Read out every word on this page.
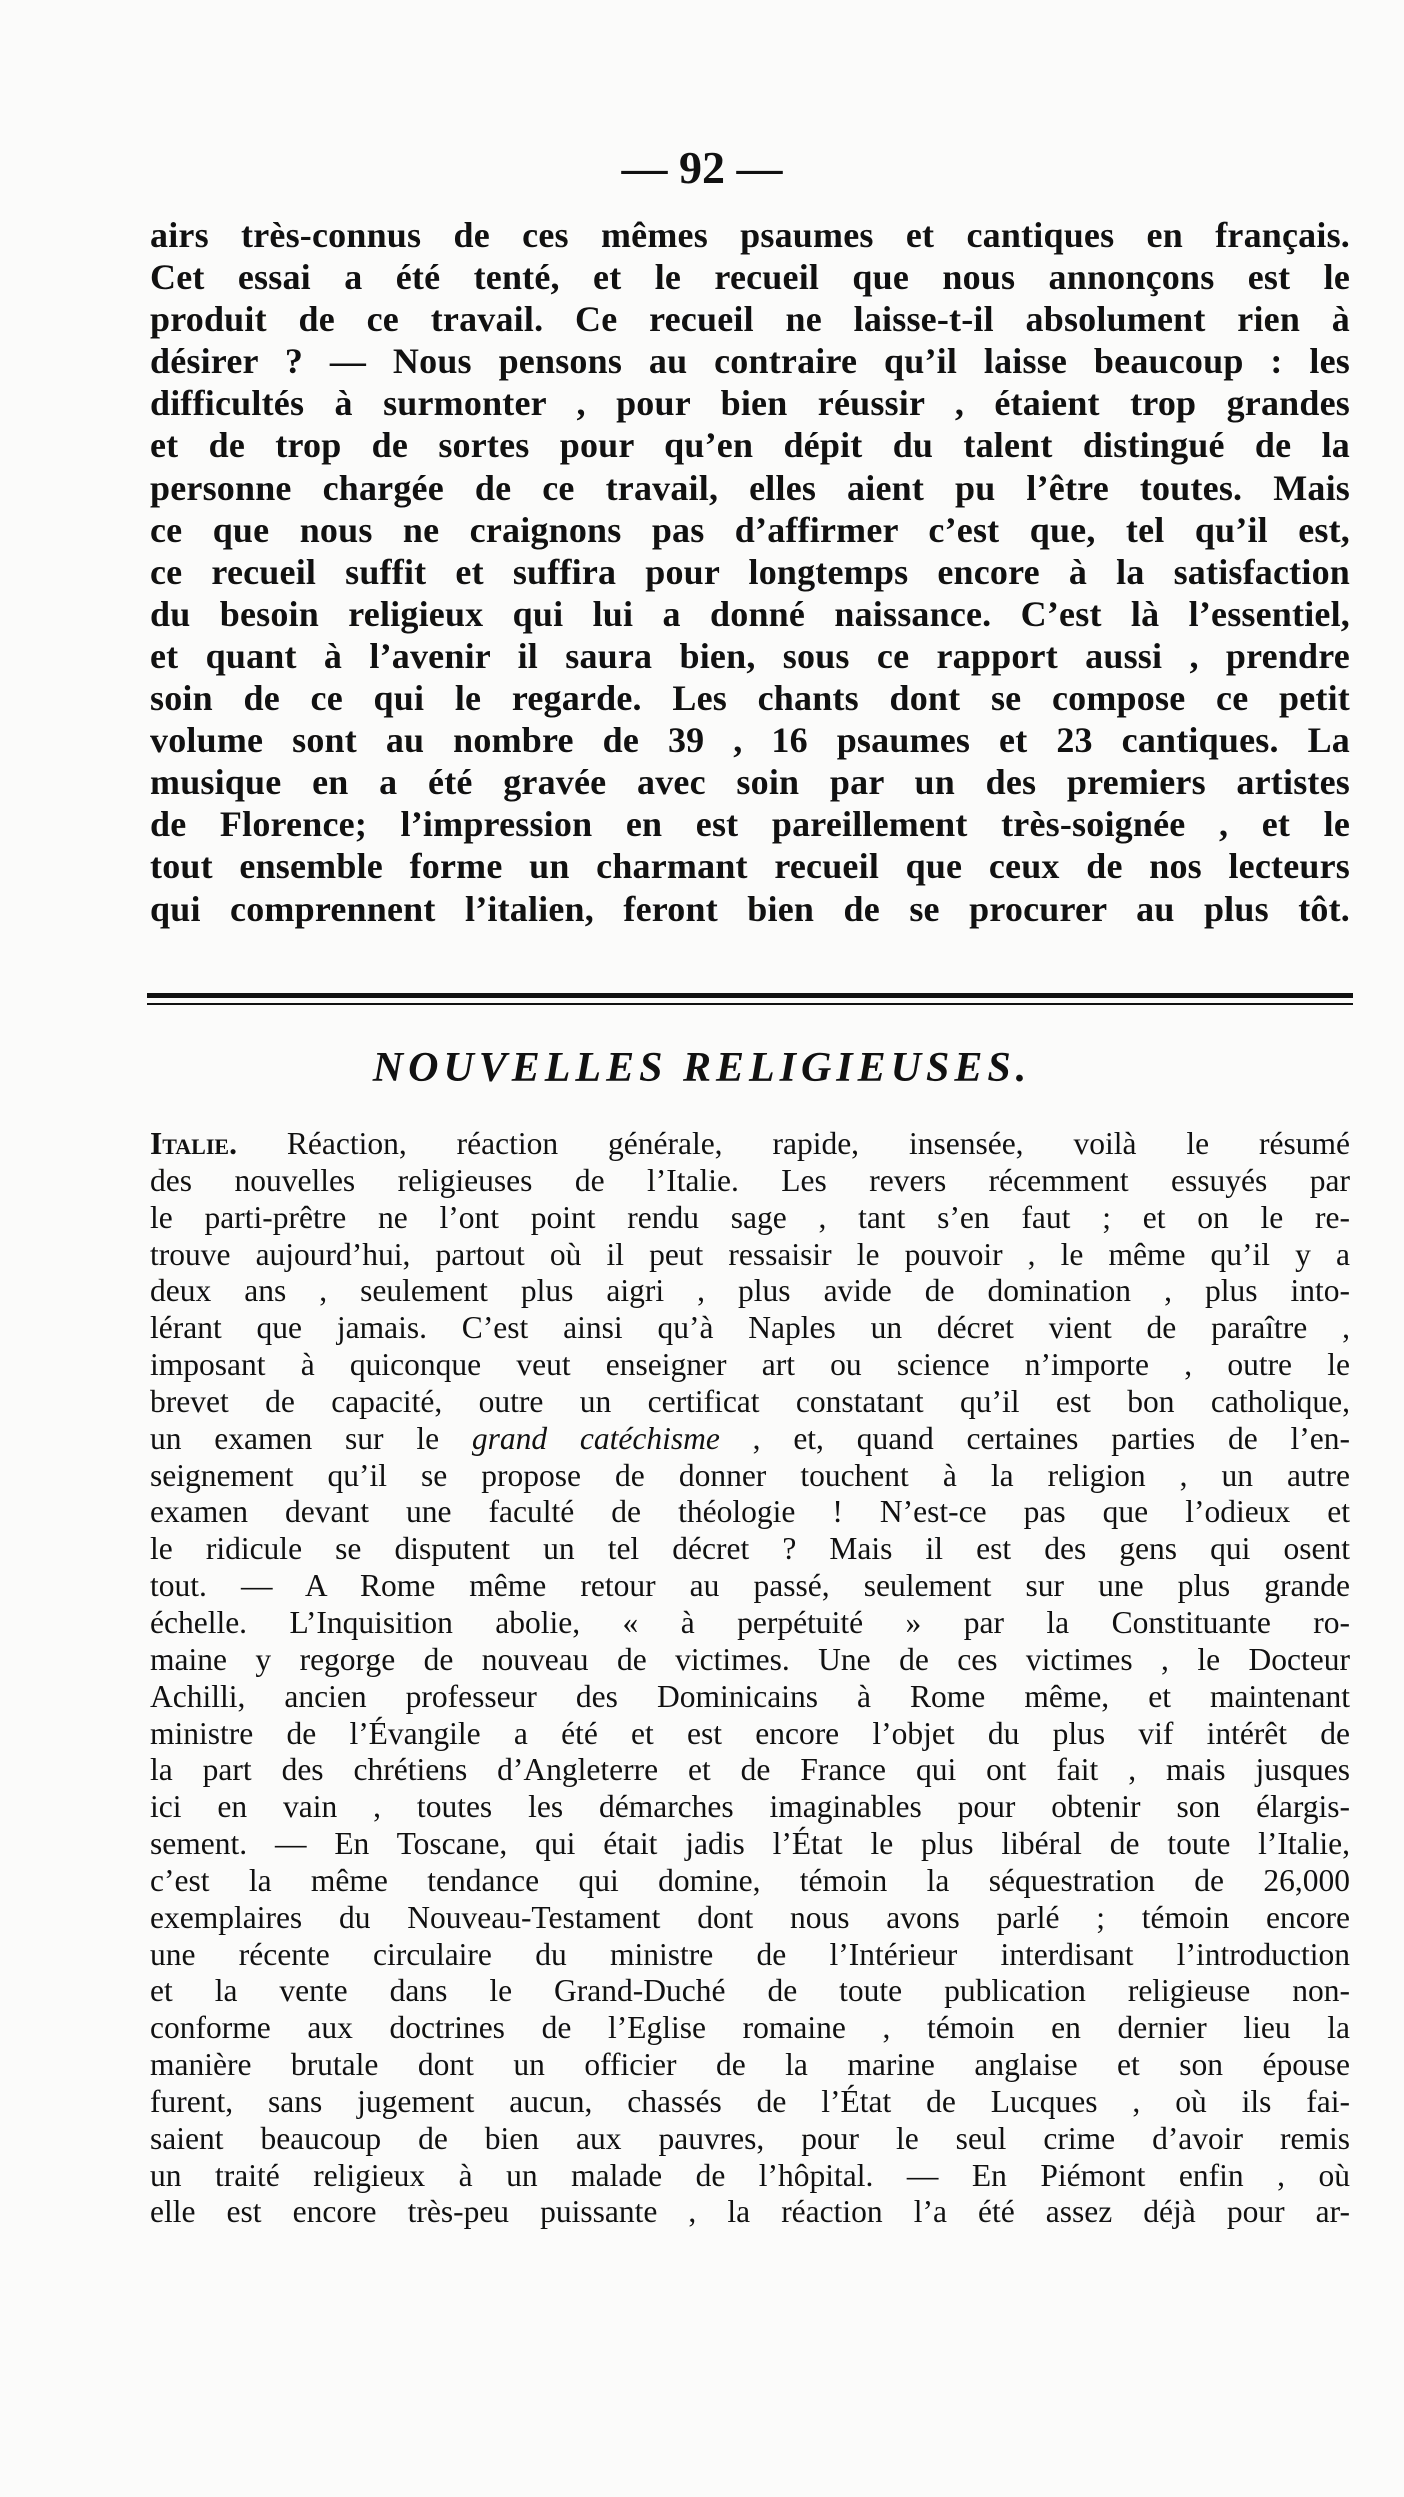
— 92 —
airs très-connus de ces mêmes psaumes et cantiques en français.
Cet essai a été tenté, et le recueil que nous annonçons est le
produit de ce travail. Ce recueil ne laisse-t-il absolument rien à
désirer ? — Nous pensons au contraire qu’il laisse beaucoup : les
difficultés à surmonter , pour bien réussir , étaient trop grandes
et de trop de sortes pour qu’en dépit du talent distingué de la
personne chargée de ce travail, elles aient pu l’être toutes. Mais
ce que nous ne craignons pas d’affirmer c’est que, tel qu’il est,
ce recueil suffit et suffira pour longtemps encore à la satisfaction
du besoin religieux qui lui a donné naissance. C’est là l’essentiel,
et quant à l’avenir il saura bien, sous ce rapport aussi , prendre
soin de ce qui le regarde. Les chants dont se compose ce petit
volume sont au nombre de 39 , 16 psaumes et 23 cantiques. La
musique en a été gravée avec soin par un des premiers artistes
de Florence; l’impression en est pareillement très-soignée , et le
tout ensemble forme un charmant recueil que ceux de nos lecteurs
qui comprennent l’italien, feront bien de se procurer au plus tôt.
NOUVELLES RELIGIEUSES.
Italie. Réaction, réaction générale, rapide, insensée, voilà le résumé
des nouvelles religieuses de l’Italie. Les revers récemment essuyés par
le parti-prêtre ne l’ont point rendu sage , tant s’en faut ; et on le re-
trouve aujourd’hui, partout où il peut ressaisir le pouvoir , le même qu’il y a
deux ans , seulement plus aigri , plus avide de domination , plus into-
lérant que jamais. C’est ainsi qu’à Naples un décret vient de paraître ,
imposant à quiconque veut enseigner art ou science n’importe , outre le
brevet de capacité, outre un certificat constatant qu’il est bon catholique,
un examen sur le grand catéchisme , et, quand certaines parties de l’en-
seignement qu’il se propose de donner touchent à la religion , un autre
examen devant une faculté de théologie ! N’est-ce pas que l’odieux et
le ridicule se disputent un tel décret ? Mais il est des gens qui osent
tout. — A Rome même retour au passé, seulement sur une plus grande
échelle. L’Inquisition abolie, « à perpétuité » par la Constituante ro-
maine y regorge de nouveau de victimes. Une de ces victimes , le Docteur
Achilli, ancien professeur des Dominicains à Rome même, et maintenant
ministre de l’Évangile a été et est encore l’objet du plus vif intérêt de
la part des chrétiens d’Angleterre et de France qui ont fait , mais jusques
ici en vain , toutes les démarches imaginables pour obtenir son élargis-
sement. — En Toscane, qui était jadis l’État le plus libéral de toute l’Italie,
c’est la même tendance qui domine, témoin la séquestration de 26,000
exemplaires du Nouveau-Testament dont nous avons parlé ; témoin encore
une récente circulaire du ministre de l’Intérieur interdisant l’introduction
et la vente dans le Grand-Duché de toute publication religieuse non-
conforme aux doctrines de l’Eglise romaine , témoin en dernier lieu la
manière brutale dont un officier de la marine anglaise et son épouse
furent, sans jugement aucun, chassés de l’État de Lucques , où ils fai-
saient beaucoup de bien aux pauvres, pour le seul crime d’avoir remis
un traité religieux à un malade de l’hôpital. — En Piémont enfin , où
elle est encore très-peu puissante , la réaction l’a été assez déjà pour ar-
